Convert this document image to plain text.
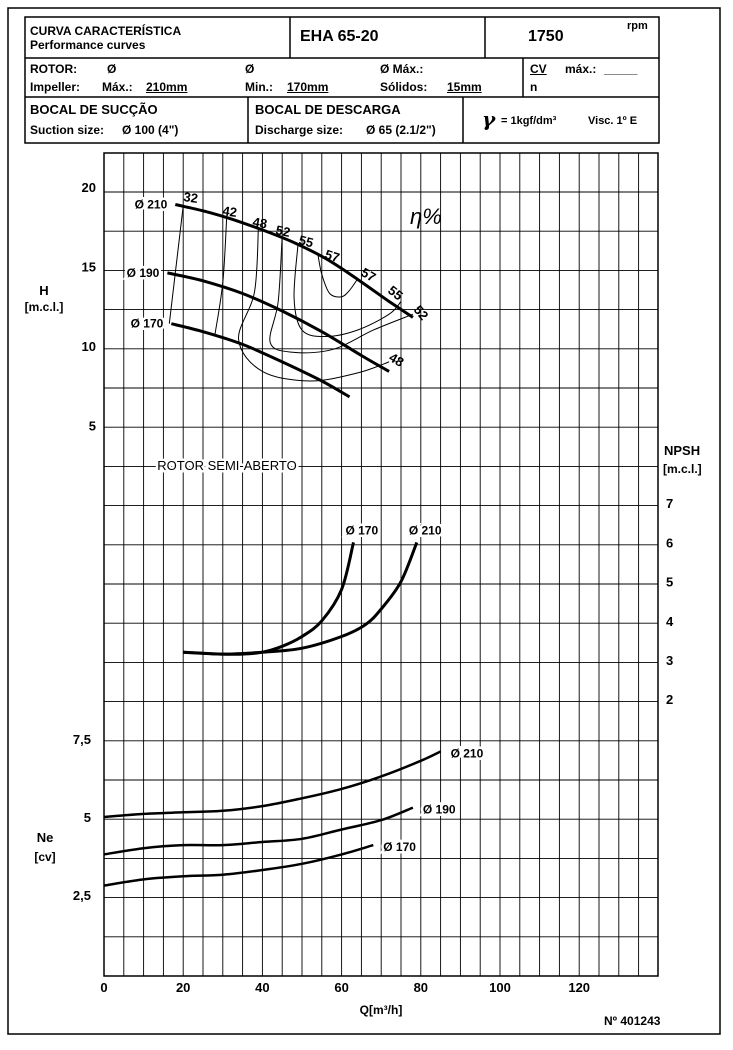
0	20	40	60	80	100	120
Q[m³/h]
5
10
15
20
H
[m.c.l.]
2
3
4
5
6
7
NPSH
[m.c.l.]
2,5
5
7,5
Ne
[cv]
Ø 210
Ø 190
Ø 170
32
42
48 52
55
57
57
55
52
48
η%
ROTOR SEMI-ABERTO
Ø 170	Ø 210
Ø 210
Ø 190
Ø 170
CURVA CARACTERÍSTICA
Performance curves	EHA 65-20
rpm
1750
ROTOR: Ø	Ø	Ø Máx.:
Impeller: Máx.: 210mm	Min.: 170mm	Sólidos: 15mm
CV máx.: _____
n
BOCAL DE SUCÇÃO
Suction size: Ø 100 (4")
BOCAL DE DESCARGA
Discharge size: Ø 65 (2.1/2") γ = 1kgf/dm³	Visc. 1º E
Nº 401243
